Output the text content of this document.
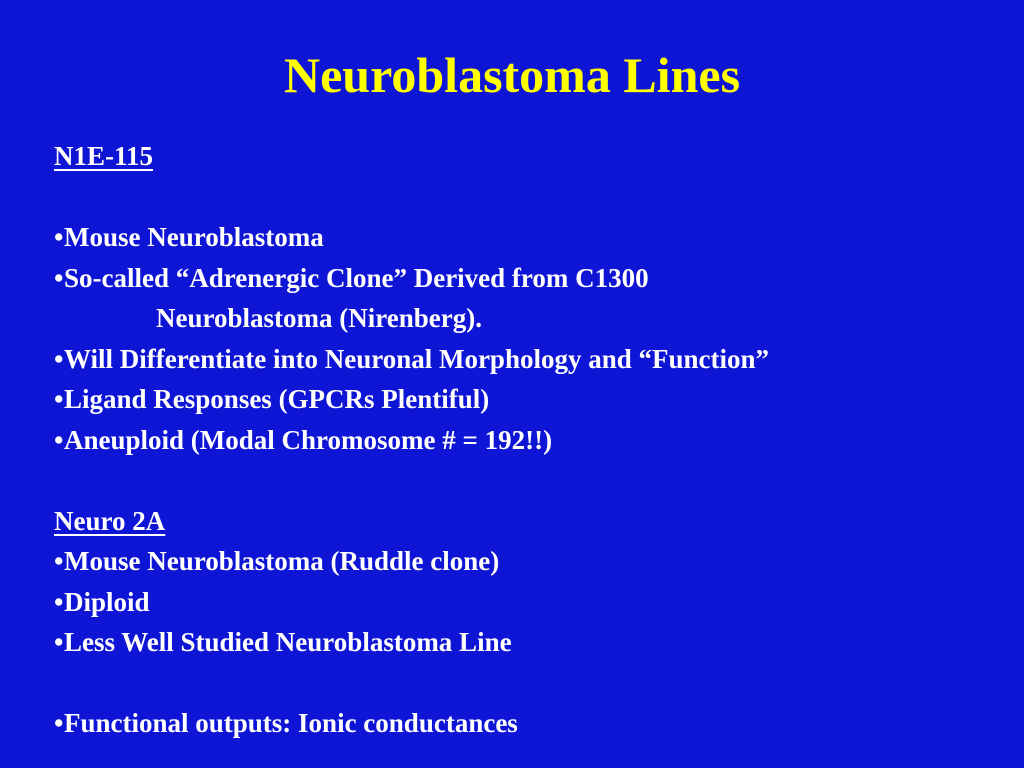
Neuroblastoma Lines
N1E-115
•Mouse Neuroblastoma
•So-called “Adrenergic Clone” Derived from C1300
Neuroblastoma (Nirenberg).
•Will Differentiate into Neuronal Morphology and “Function”
•Ligand Responses (GPCRs Plentiful)
•Aneuploid (Modal Chromosome # = 192!!)
Neuro 2A
•Mouse Neuroblastoma (Ruddle clone)
•Diploid
•Less Well Studied Neuroblastoma Line
•Functional outputs: Ionic conductances
